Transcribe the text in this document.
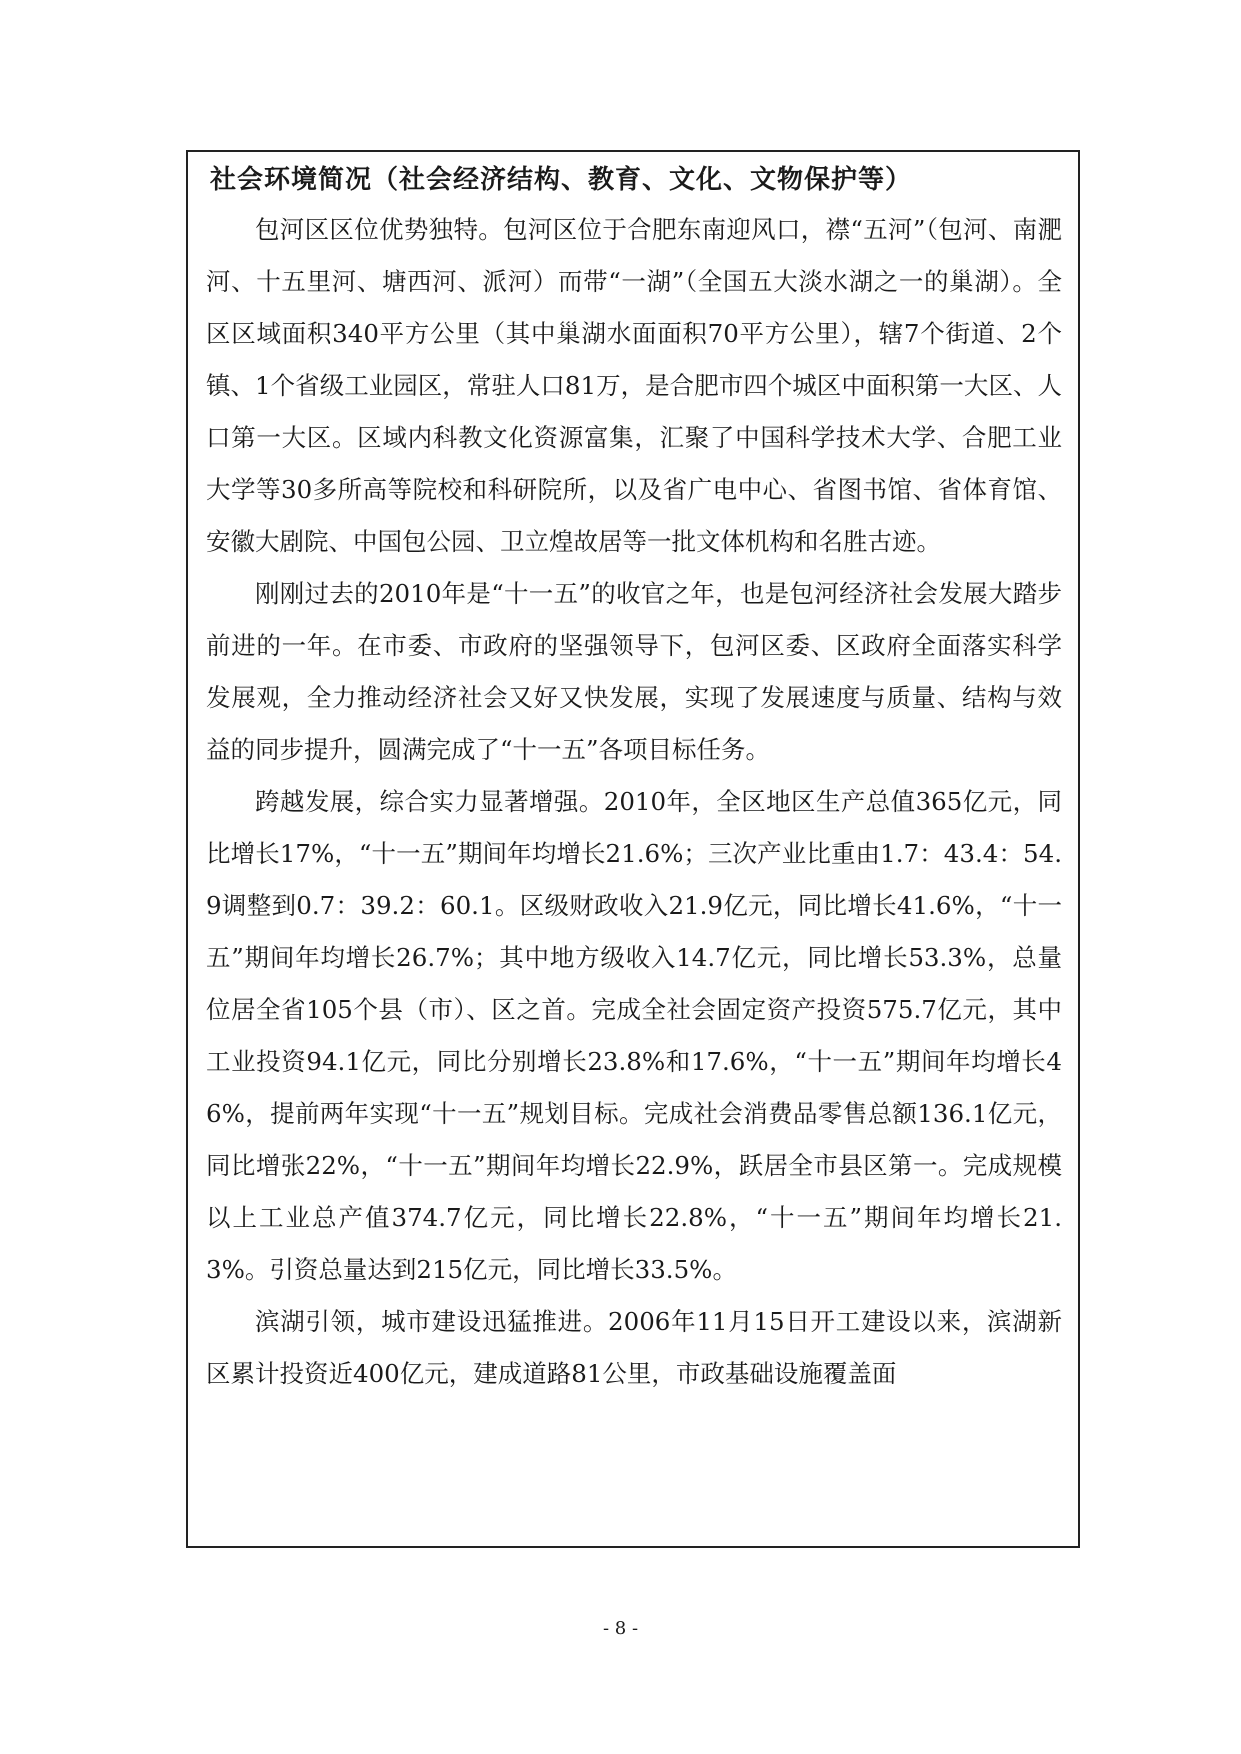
社会环境简况（社会经济结构、教育、文化、文物保护等）

包河区区位优势独特。包河区位于合肥东南迎风口，襟“五河”（包河、南淝河、十五里河、塘西河、派河）而带“一湖”（全国五大淡水湖之一的巢湖）。全区区域面积340平方公里（其中巢湖水面面积70平方公里），辖7个街道、2个镇、1个省级工业园区，常驻人口81万，是合肥市四个城区中面积第一大区、人口第一大区。区域内科教文化资源富集，汇聚了中国科学技术大学、合肥工业大学等30多所高等院校和科研院所，以及省广电中心、省图书馆、省体育馆、安徽大剧院、中国包公园、卫立煌故居等一批文体机构和名胜古迹。

刚刚过去的2010年是“十一五”的收官之年，也是包河经济社会发展大踏步前进的一年。在市委、市政府的坚强领导下，包河区委、区政府全面落实科学发展观，全力推动经济社会又好又快发展，实现了发展速度与质量、结构与效益的同步提升，圆满完成了“十一五”各项目标任务。

跨越发展，综合实力显著增强。2010年，全区地区生产总值365亿元，同比增长17%，“十一五”期间年均增长21.6%；三次产业比重由1.7：43.4：54.9调整到0.7：39.2：60.1。区级财政收入21.9亿元，同比增长41.6%，“十一五”期间年均增长26.7%；其中地方级收入14.7亿元，同比增长53.3%，总量位居全省105个县（市）、区之首。完成全社会固定资产投资575.7亿元，其中工业投资94.1亿元，同比分别增长23.8%和17.6%，“十一五”期间年均增长46%，提前两年实现“十一五”规划目标。完成社会消费品零售总额136.1亿元，同比增张22%，“十一五”期间年均增长22.9%，跃居全市县区第一。完成规模以上工业总产值374.7亿元，同比增长22.8%，“十一五”期间年均增长21.3%。引资总量达到215亿元，同比增长33.5%。

滨湖引领，城市建设迅猛推进。2006年11月15日开工建设以来，滨湖新区累计投资近400亿元，建成道路81公里，市政基础设施覆盖面

- 8 -
